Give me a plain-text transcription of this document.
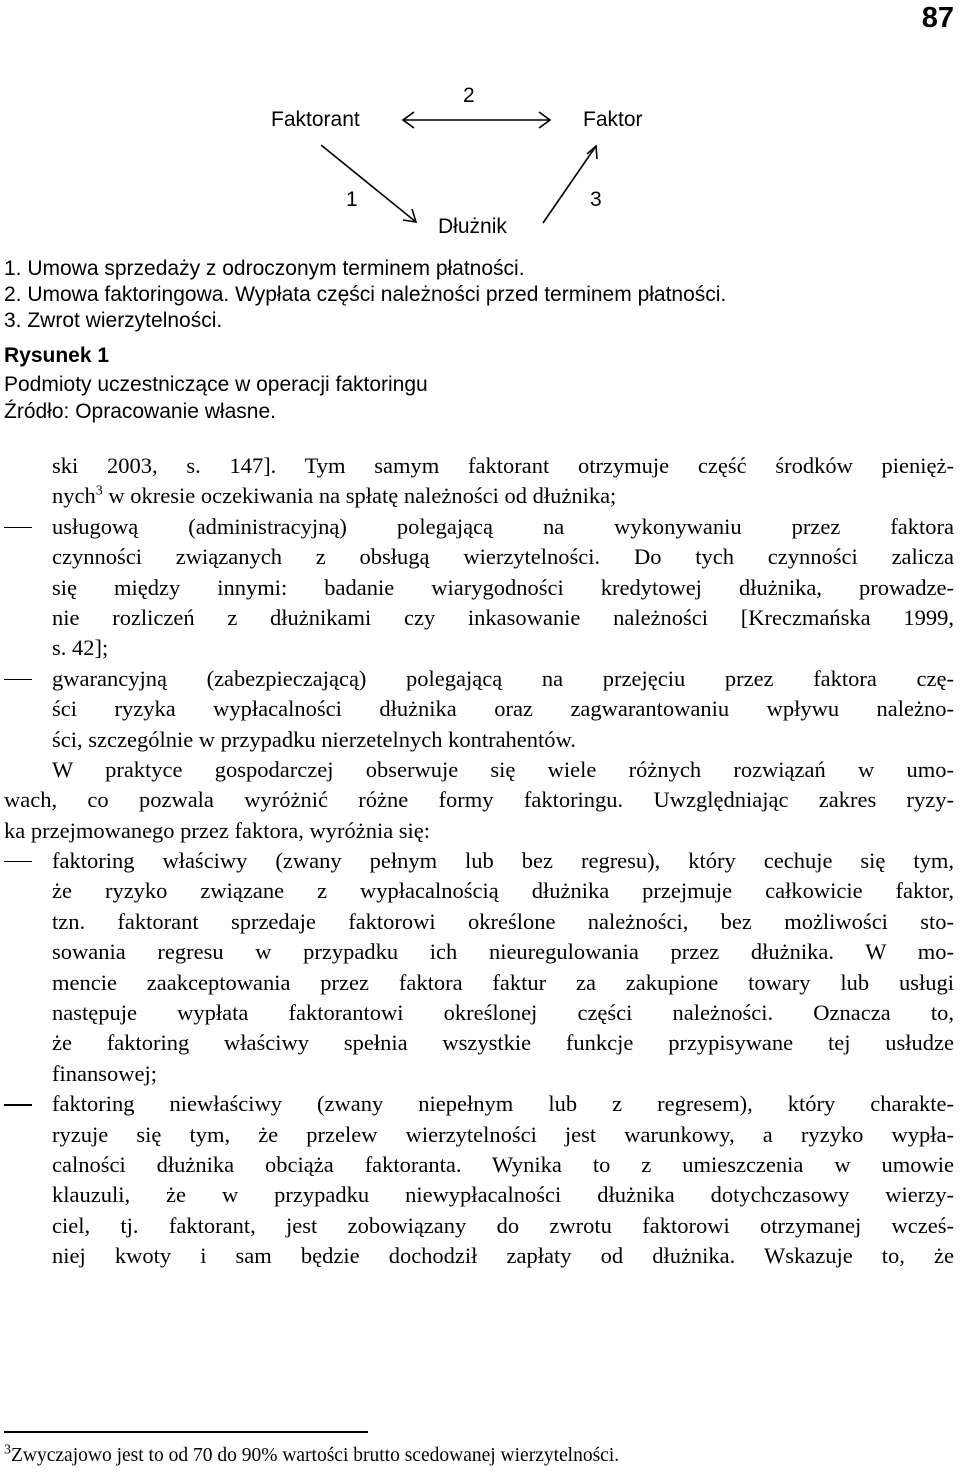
87
Faktorant	Faktor
Dłużnik
2
1	3
1. Umowa sprzedaży z odroczonym terminem płatności.
2. Umowa faktoringowa. Wypłata części należności przed terminem płatności.
3. Zwrot wierzytelności.
Rysunek 1
Podmioty uczestniczące w operacji faktoringu
Źródło: Opracowanie własne.
ski 2003, s. 147]. Tym samym faktorant otrzymuje część środków pienięż-
nych$^3$ w okresie oczekiwania na spłatę należności od dłużnika;
usługową (administracyjną) polegającą na wykonywaniu przez faktora
czynności związanych z obsługą wierzytelności. Do tych czynności zalicza
się między innymi: badanie wiarygodności kredytowej dłużnika, prowadze-
nie rozliczeń z dłużnikami czy inkasowanie należności [Kreczmańska 1999,
s. 42];
gwarancyjną (zabezpieczającą) polegającą na przejęciu przez faktora czę-
ści ryzyka wypłacalności dłużnika oraz zagwarantowaniu wpływu należno-
ści, szczególnie w przypadku nierzetelnych kontrahentów.
W praktyce gospodarczej obserwuje się wiele różnych rozwiązań w umo-
wach, co pozwala wyróżnić różne formy faktoringu. Uwzględniając zakres ryzy-
ka przejmowanego przez faktora, wyróżnia się:
faktoring właściwy (zwany pełnym lub bez regresu), który cechuje się tym,
że ryzyko związane z wypłacalnością dłużnika przejmuje całkowicie faktor,
tzn. faktorant sprzedaje faktorowi określone należności, bez możliwości sto-
sowania regresu w przypadku ich nieuregulowania przez dłużnika. W mo-
mencie zaakceptowania przez faktora faktur za zakupione towary lub usługi
następuje wypłata faktorantowi określonej części należności. Oznacza to,
że faktoring właściwy spełnia wszystkie funkcje przypisywane tej usłudze
finansowej;
faktoring niewłaściwy (zwany niepełnym lub z regresem), który charakte-
ryzuje się tym, że przelew wierzytelności jest warunkowy, a ryzyko wypła-
calności dłużnika obciąża faktoranta. Wynika to z umieszczenia w umowie
klauzuli, że w przypadku niewypłacalności dłużnika dotychczasowy wierzy-
ciel, tj. faktorant, jest zobowiązany do zwrotu faktorowi otrzymanej wcześ-
niej kwoty i sam będzie dochodził zapłaty od dłużnika. Wskazuje to, że
$^3$Zwyczajowo jest to od 70 do 90% wartości brutto scedowanej wierzytelności.
